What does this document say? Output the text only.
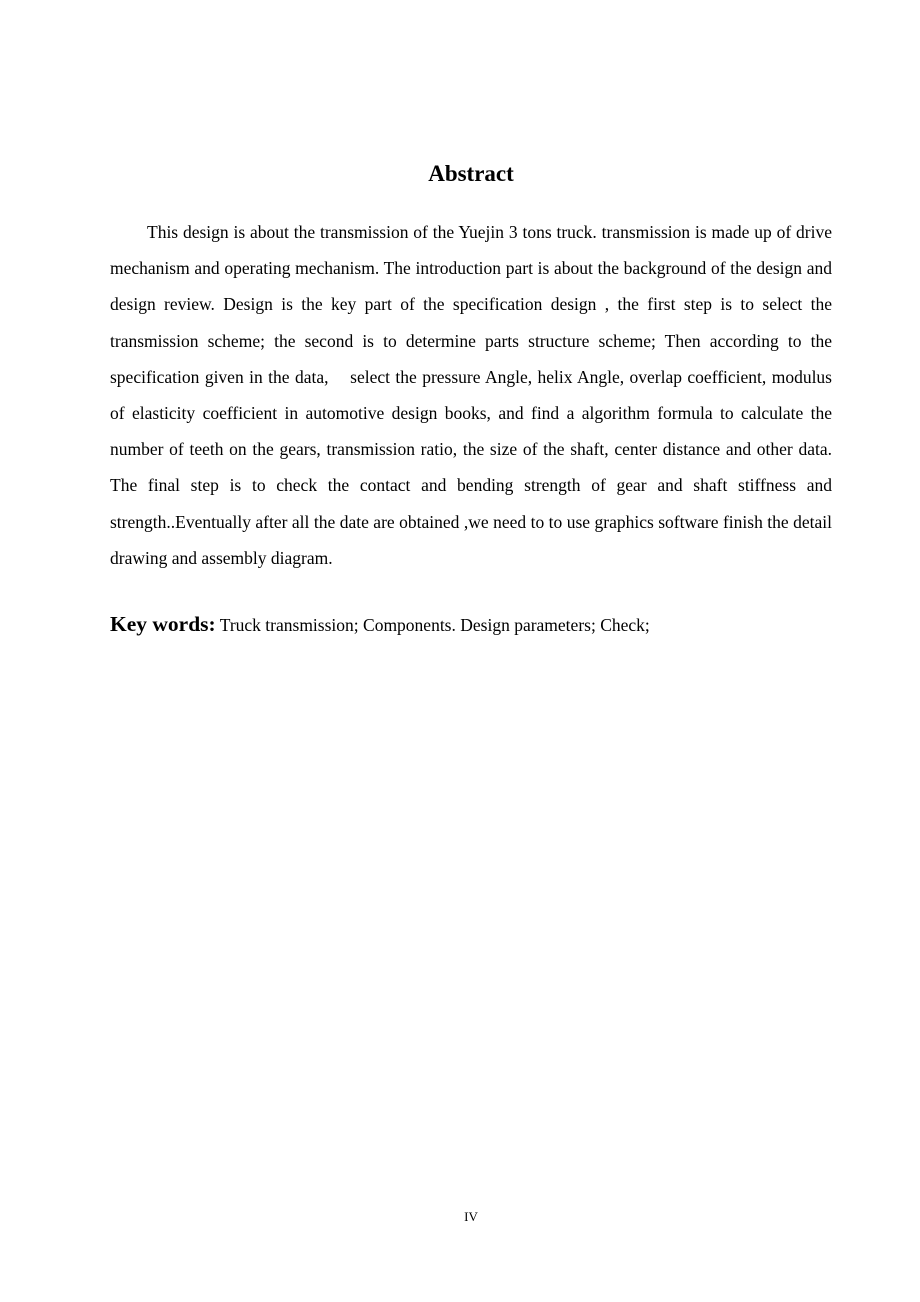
Abstract

This design is about the transmission of the Yuejin 3 tons truck. transmission is made up of drive mechanism and operating mechanism. The introduction part is about the background of the design and design review. Design is the key part of the specification design , the first step is to select the transmission scheme; the second is to determine parts structure scheme; Then according to the specification given in the data,    select the pressure Angle, helix Angle, overlap coefficient, modulus of elasticity coefficient in automotive design books, and find a algorithm formula to calculate the number of teeth on the gears, transmission ratio, the size of the shaft, center distance and other data. The final step is to check the contact and bending strength of gear and shaft stiffness and strength..Eventually after all the date are obtained ,we need to to use graphics software finish the detail drawing and assembly diagram.

Key words: Truck transmission; Components. Design parameters; Check;

IV
